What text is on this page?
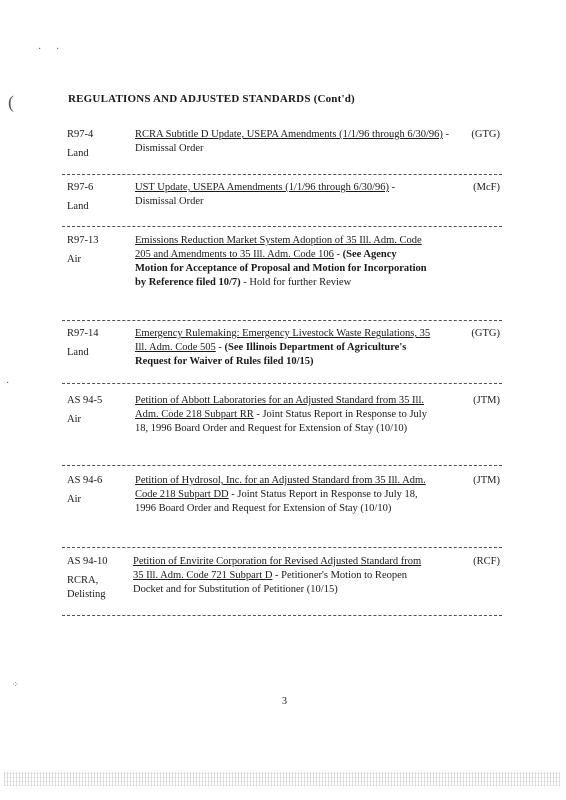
· ·
(
·
⁘
REGULATIONS AND ADJUSTED STANDARDS (Cont'd)
R97-4
Land
RCRA Subtitle D Update, USEPA Amendments (1/1/96 through 6/30/96) - Dismissal Order
(GTG)
R97-6
Land
UST Update, USEPA Amendments (1/1/96 through 6/30/96) - Dismissal Order
(McF)
R97-13
Air
Emissions Reduction Market System Adoption of 35 Ill. Adm. Code 205 and Amendments to 35 Ill. Adm. Code 106 - (See Agency Motion for Acceptance of Proposal and Motion for Incorporation by Reference filed 10/7) - Hold for further Review
R97-14
Land
Emergency Rulemaking: Emergency Livestock Waste Regulations, 35 Ill. Adm. Code 505 - (See Illinois Department of Agriculture's Request for Waiver of Rules filed 10/15)
(GTG)
AS 94-5
Air
Petition of Abbott Laboratories for an Adjusted Standard from 35 Ill. Adm. Code 218 Subpart RR - Joint Status Report in Response to July 18, 1996 Board Order and Request for Extension of Stay (10/10)
(JTM)
AS 94-6
Air
Petition of Hydrosol, Inc. for an Adjusted Standard from 35 Ill. Adm. Code 218 Subpart DD - Joint Status Report in Response to July 18, 1996 Board Order and Request for Extension of Stay (10/10)
(JTM)
AS 94-10
RCRA, Delisting
Petition of Envirite Corporation for Revised Adjusted Standard from 35 Ill. Adm. Code 721 Subpart D - Petitioner's Motion to Reopen Docket and for Substitution of Petitioner (10/15)
(RCF)
3
